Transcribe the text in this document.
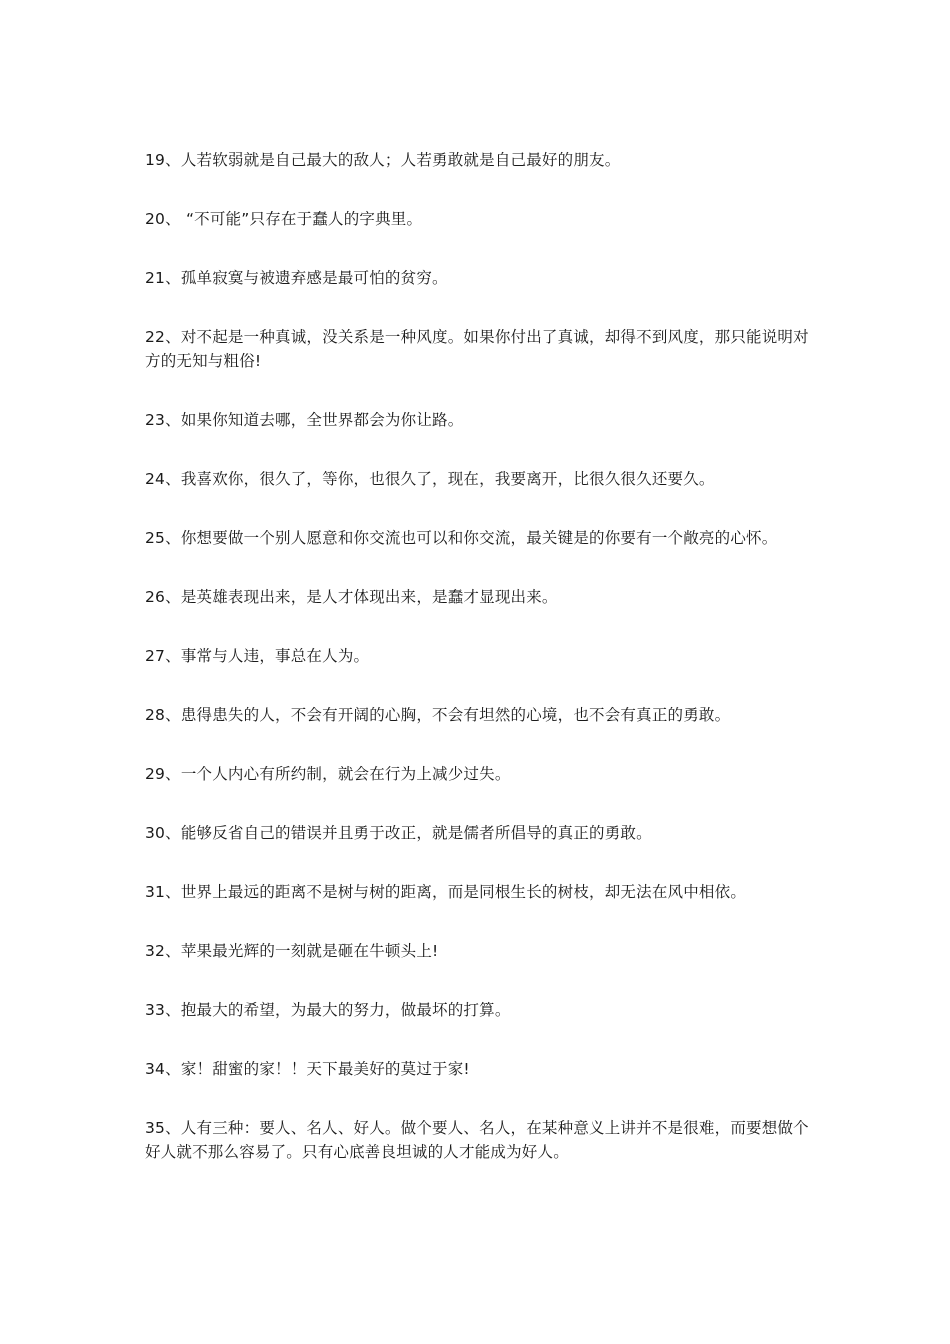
19、人若软弱就是自己最大的敌人；人若勇敢就是自己最好的朋友。

20、 “不可能”只存在于蠢人的字典里。

21、孤单寂寞与被遗弃感是最可怕的贫穷。

22、对不起是一种真诚，没关系是一种风度。如果你付出了真诚，却得不到风度，那只能说明对方的无知与粗俗!

23、如果你知道去哪，全世界都会为你让路。

24、我喜欢你，很久了，等你，也很久了，现在，我要离开，比很久很久还要久。

25、你想要做一个别人愿意和你交流也可以和你交流，最关键是的你要有一个敞亮的心怀。

26、是英雄表现出来，是人才体现出来，是蠢才显现出来。

27、事常与人违，事总在人为。

28、患得患失的人，不会有开阔的心胸，不会有坦然的心境，也不会有真正的勇敢。

29、一个人内心有所约制，就会在行为上减少过失。

30、能够反省自己的错误并且勇于改正，就是儒者所倡导的真正的勇敢。

31、世界上最远的距离不是树与树的距离，而是同根生长的树枝，却无法在风中相依。

32、苹果最光辉的一刻就是砸在牛顿头上!

33、抱最大的希望，为最大的努力，做最坏的打算。

34、家！甜蜜的家！！天下最美好的莫过于家!

35、人有三种：要人、名人、好人。做个要人、名人，在某种意义上讲并不是很难，而要想做个好人就不那么容易了。只有心底善良坦诚的人才能成为好人。
